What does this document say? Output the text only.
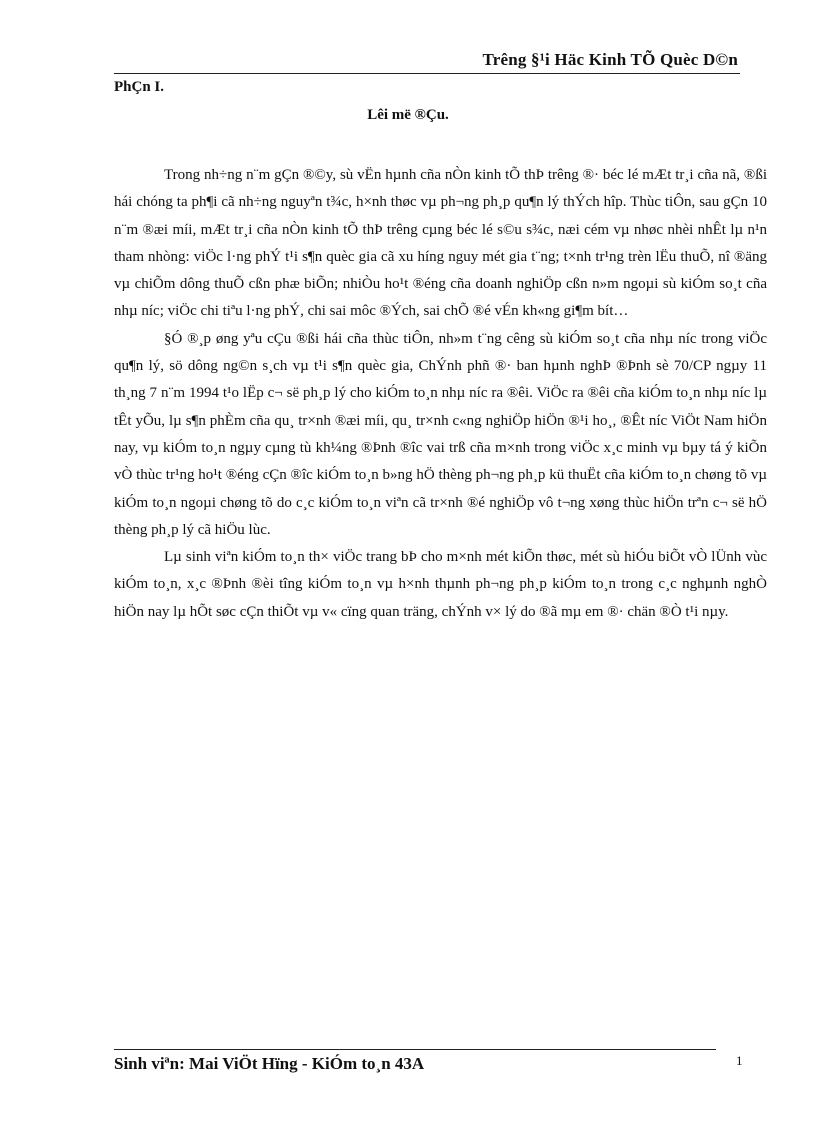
Trêng §¹i Häc Kinh TÕ Quèc D©n
PhÇn I.
Lêi më ®Çu.

Trong nh÷ng n¨m gÇn ®©y, sù vËn hµnh cña nÒn kinh tÕ thÞ trêng ®· béc lé mÆt tr¸i cña nã, ®ßi hái chóng ta ph¶i cã nh÷ng nguyªn t¾c, h×nh thøc vµ ph¬ng ph¸p qu¶n lý thÝch hîp. Thùc tiÔn, sau gÇn 10 n¨m ®æi míi, mÆt tr¸i cña nÒn kinh tÕ thÞ trêng cµng béc lé s©u s¾c, næi cém vµ nhøc nhèi nhÊt lµ n¹n tham nhòng: viÖc l·ng phÝ t¹i s¶n quèc gia cã xu híng nguy mét gia t¨ng; t×nh tr¹ng trèn lËu thuÕ, nî ®äng vµ chiÕm dông thuÕ cßn phæ biÕn; nhiÒu ho¹t ®éng cña doanh nghiÖp cßn n»m ngoµi sù kiÓm so¸t cña nhµ níc; viÖc chi tiªu l·ng phÝ, chi sai môc ®Ých, sai chÕ ®é vÉn kh«ng gi¶m bít…

§Ó ®¸p øng yªu cÇu ®ßi hái cña thùc tiÔn, nh»m t¨ng cêng sù kiÓm so¸t cña nhµ níc trong viÖc qu¶n lý, sö dông ng©n s¸ch vµ t¹i s¶n quèc gia, ChÝnh phñ ®· ban hµnh nghÞ ®Þnh sè 70/CP ngµy 11 th¸ng 7 n¨m 1994 t¹o lËp c¬ së ph¸p lý cho kiÓm to¸n nhµ níc ra ®êi. ViÖc ra ®êi cña kiÓm to¸n nhµ níc lµ tÊt yÕu, lµ s¶n phÈm cña qu¸ tr×nh ®æi míi, qu¸ tr×nh c«ng nghiÖp hiÖn ®¹i ho¸, ®Êt níc ViÖt Nam hiÖn nay, vµ kiÓm to¸n ngµy cµng tù kh¼ng ®Þnh ®îc vai trß cña m×nh trong viÖc x¸c minh vµ bµy tá ý kiÕn vÒ thùc tr¹ng ho¹t ®éng cÇn ®îc kiÓm to¸n b»ng hÖ thèng ph¬ng ph¸p kü thuËt cña kiÓm to¸n chøng tõ vµ kiÓm to¸n ngoµi chøng tõ do c¸c kiÓm to¸n viªn cã tr×nh ®é nghiÖp vô t¬ng xøng thùc hiÖn trªn c¬ së hÖ thèng ph¸p lý cã hiÖu lùc.

Lµ sinh viªn kiÓm to¸n th× viÖc trang bÞ cho m×nh mét kiÕn thøc, mét sù hiÓu biÕt vÒ lÜnh vùc kiÓm to¸n, x¸c ®Þnh ®èi tîng kiÓm to¸n vµ h×nh thµnh ph¬ng ph¸p kiÓm to¸n trong c¸c nghµnh nghÒ hiÖn nay lµ hÕt søc cÇn thiÕt vµ v« cïng quan träng, chÝnh v× lý do ®ã mµ em ®· chän ®Ò t¹i nµy.

Sinh viªn: Mai ViÖt Hïng - KiÓm to¸n 43A	1
